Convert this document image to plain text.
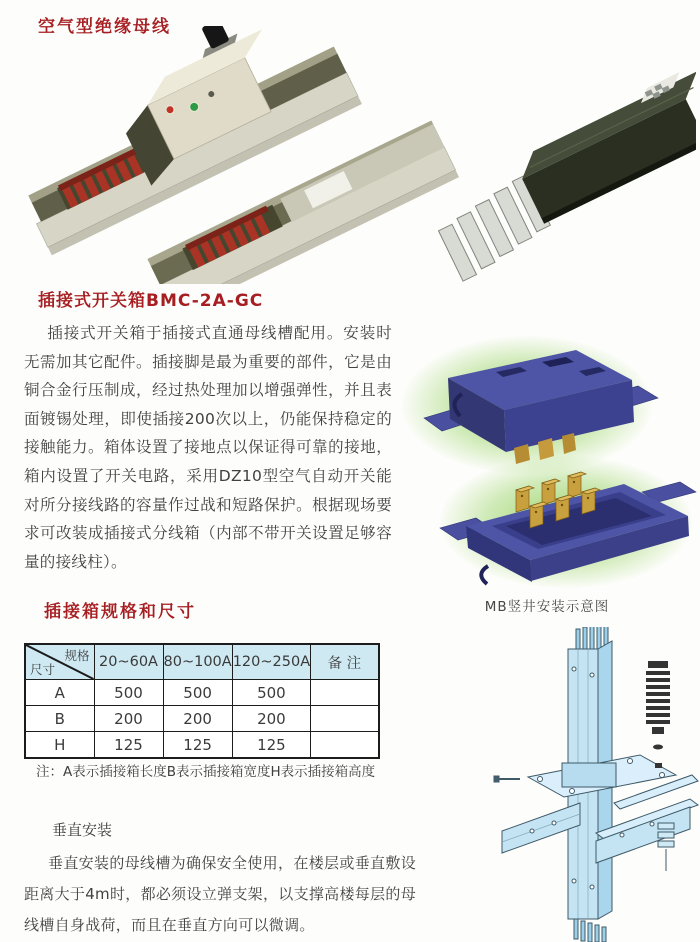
空气型绝缘母线
插接式开关箱BMC-2A-GC

插接式开关箱于插接式直通母线槽配用。安装时无需加其它配件。插接脚是最为重要的部件，它是由铜合金行压制成，经过热处理加以增强弹性，并且表面镀锡处理，即使插接200次以上，仍能保持稳定的接触能力。箱体设置了接地点以保证得可靠的接地，箱内设置了开关电路，采用DZ10型空气自动开关能对所分接线路的容量作过战和短路保护。根据现场要求可改装成插接式分线箱（内部不带开关设置足够容量的接线柱）。

MB竖井安装示意图
插接箱规格和尺寸
规格
尺寸	20~60A	80~100A	120~250A	备 注
A	500	500	500	
B	200	200	200	
H	125	125	125	
注：A表示插接箱长度B表示插接箱宽度H表示插接箱高度
垂直安装

垂直安装的母线槽为确保安全使用，在楼层或垂直敷设距离大于4m时，都必须设立弹支架，以支撑高楼每层的母线槽自身战荷，而且在垂直方向可以微调。
